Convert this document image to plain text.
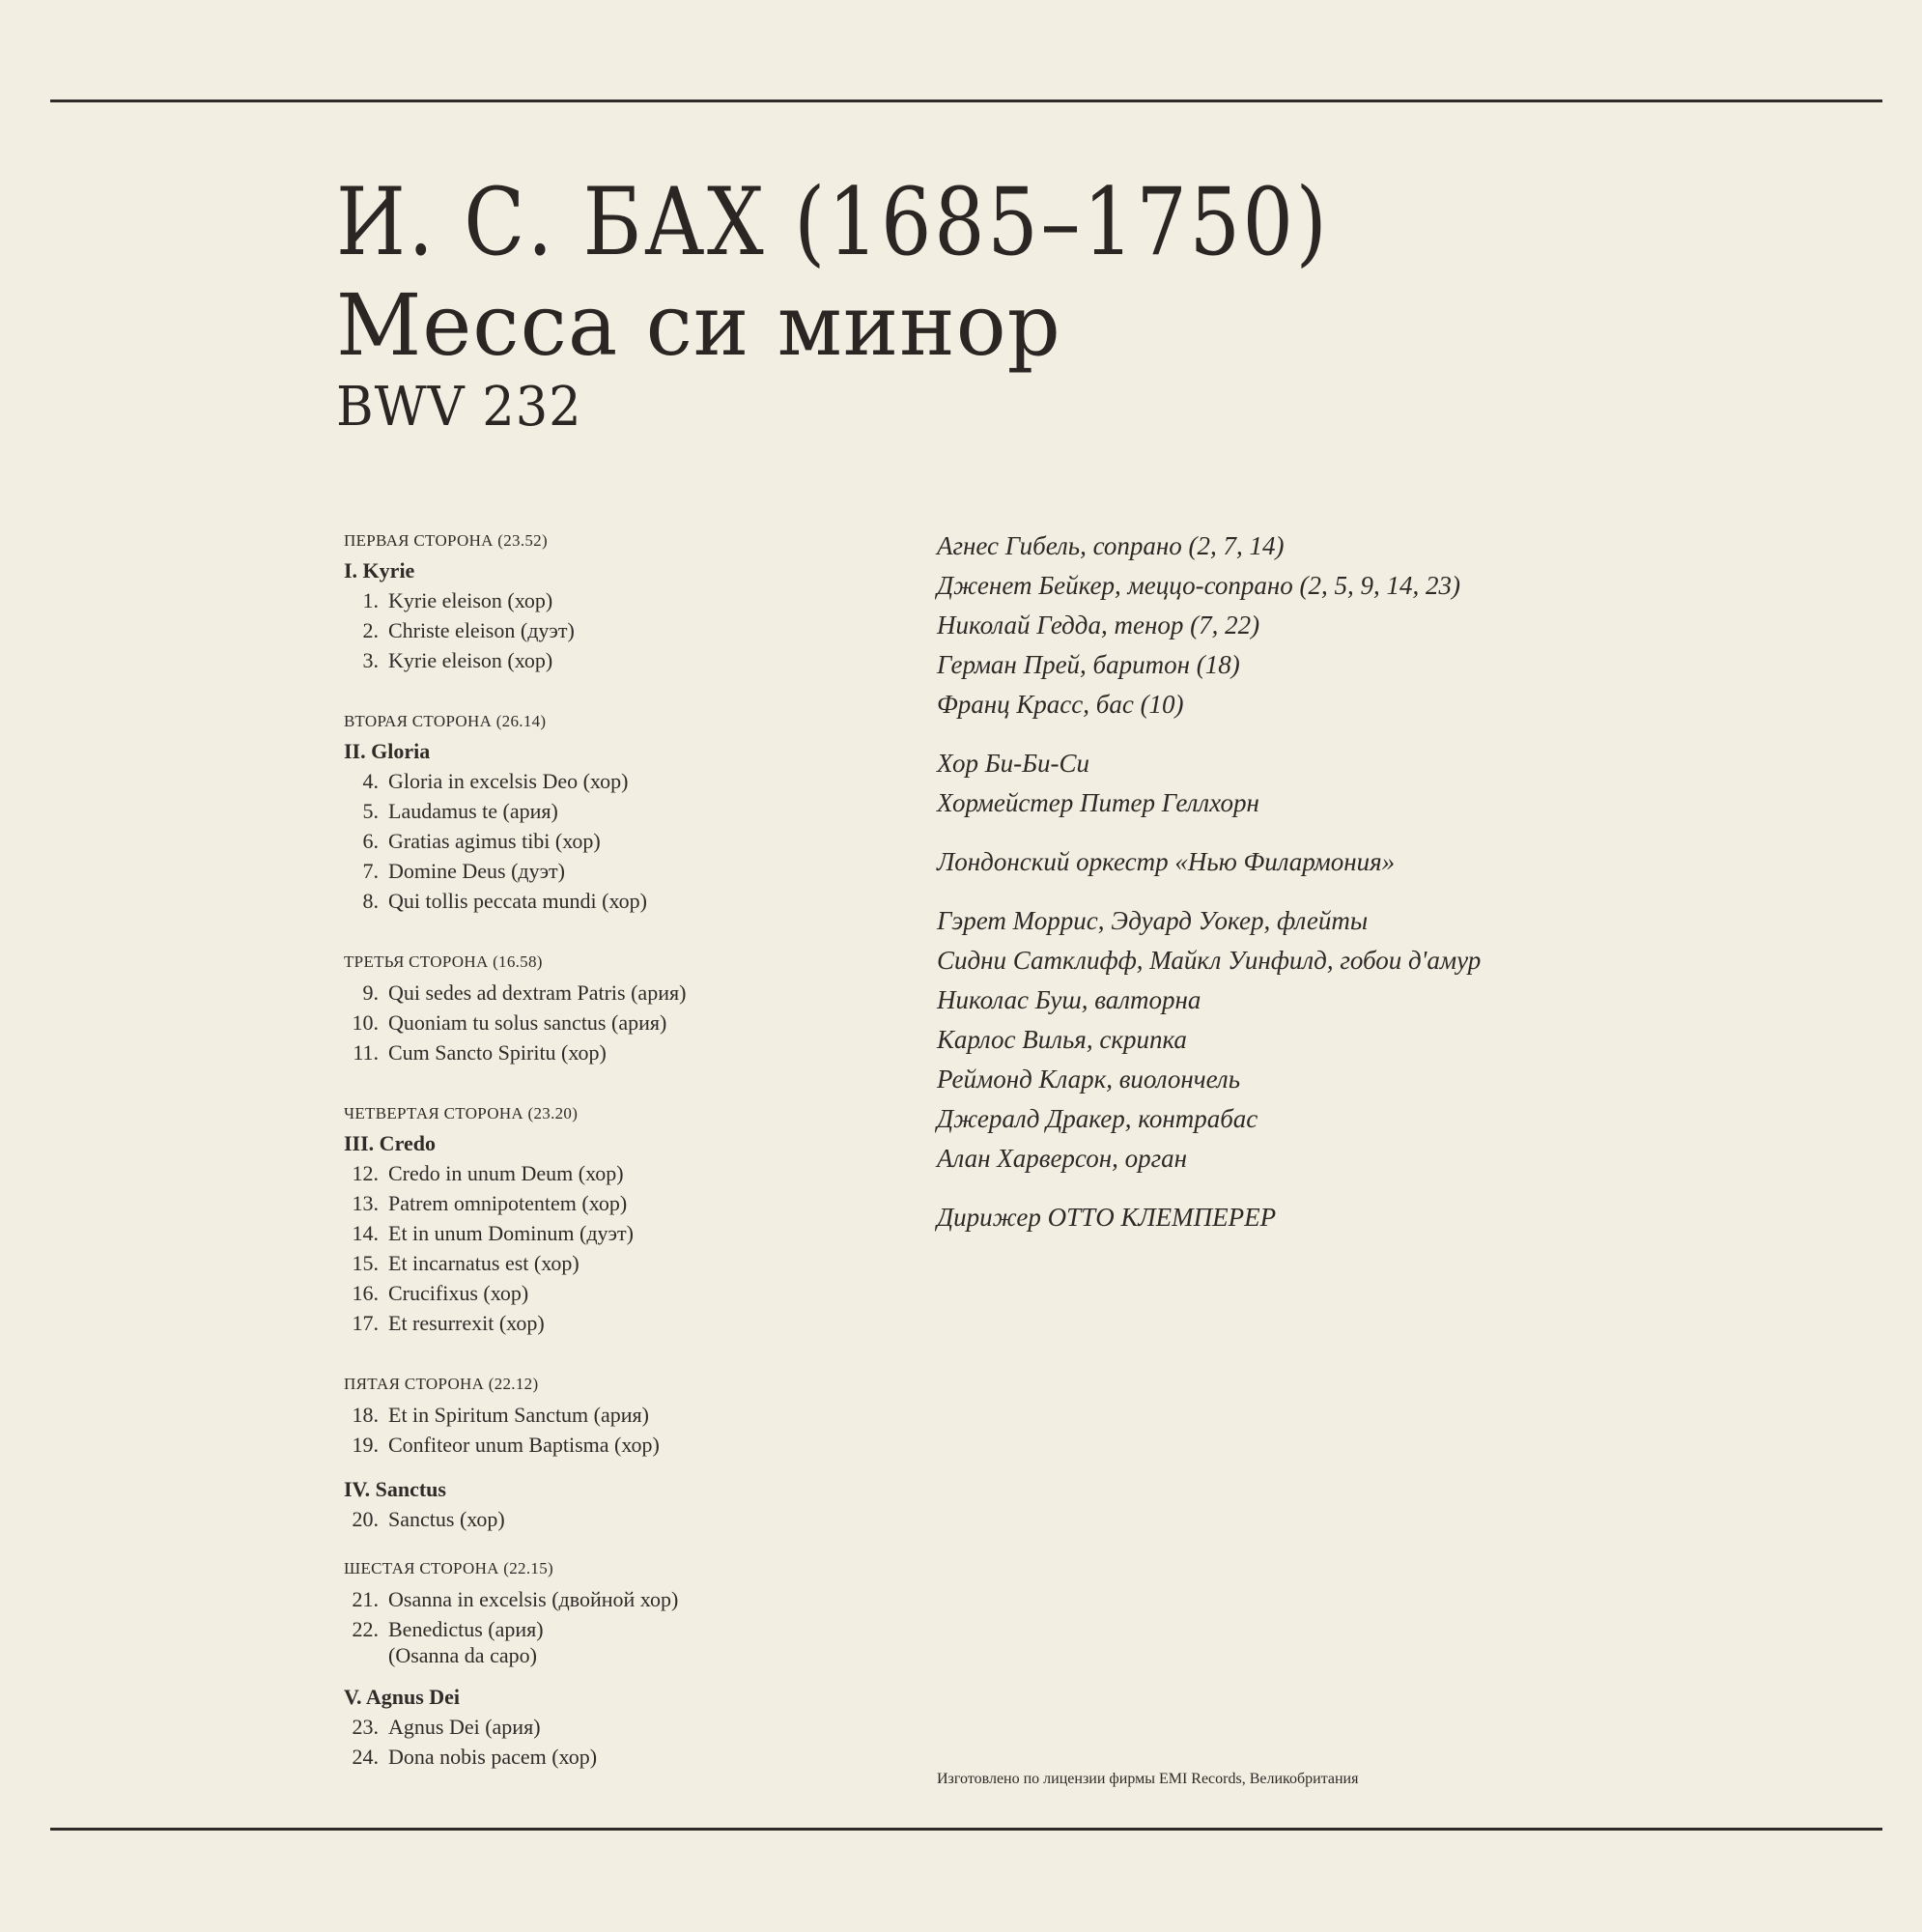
И. С. БАХ (1685–1750)
Месса си минор
BWV 232
ПЕРВАЯ СТОРОНА (23.52)
I. Kyrie
1. Kyrie eleison (хор)
2. Christe eleison (дуэт)
3. Kyrie eleison (хор)
ВТОРАЯ СТОРОНА (26.14)
II. Gloria
4. Gloria in excelsis Deo (хор)
5. Laudamus te (ария)
6. Gratias agimus tibi (хор)
7. Domine Deus (дуэт)
8. Qui tollis peccata mundi (хор)
ТРЕТЬЯ СТОРОНА (16.58)
9. Qui sedes ad dextram Patris (ария)
10. Quoniam tu solus sanctus (ария)
11. Cum Sancto Spiritu (хор)
ЧЕТВЕРТАЯ СТОРОНА (23.20)
III. Credo
12. Credo in unum Deum (хор)
13. Patrem omnipotentem (хор)
14. Et in unum Dominum (дуэт)
15. Et incarnatus est (хор)
16. Crucifixus (хор)
17. Et resurrexit (хор)
ПЯТАЯ СТОРОНА (22.12)
18. Et in Spiritum Sanctum (ария)
19. Confiteor unum Baptisma (хор)
IV. Sanctus
20. Sanctus (хор)
ШЕСТАЯ СТОРОНА (22.15)
21. Osanna in excelsis (двойной хор)
22. Benedictus (ария)
(Osanna da capo)
V. Agnus Dei
23. Agnus Dei (ария)
24. Dona nobis pacem (хор)
Агнес Гибель, сопрано (2, 7, 14)
Дженет Бейкер, меццо-сопрано (2, 5, 9, 14, 23)
Николай Гедда, тенор (7, 22)
Герман Прей, баритон (18)
Франц Красс, бас (10)
Хор Би-Би-Си
Хормейстер Питер Геллхорн
Лондонский оркестр «Нью Филармония»
Гэрет Моррис, Эдуард Уокер, флейты
Сидни Сатклифф, Майкл Уинфилд, гобои д'амур
Николас Буш, валторна
Карлос Вилья, скрипка
Реймонд Кларк, виолончель
Джералд Дракер, контрабас
Алан Харверсон, орган
Дирижер ОТТО КЛЕМПЕРЕР
Изготовлено по лицензии фирмы EMI Records, Великобритания
